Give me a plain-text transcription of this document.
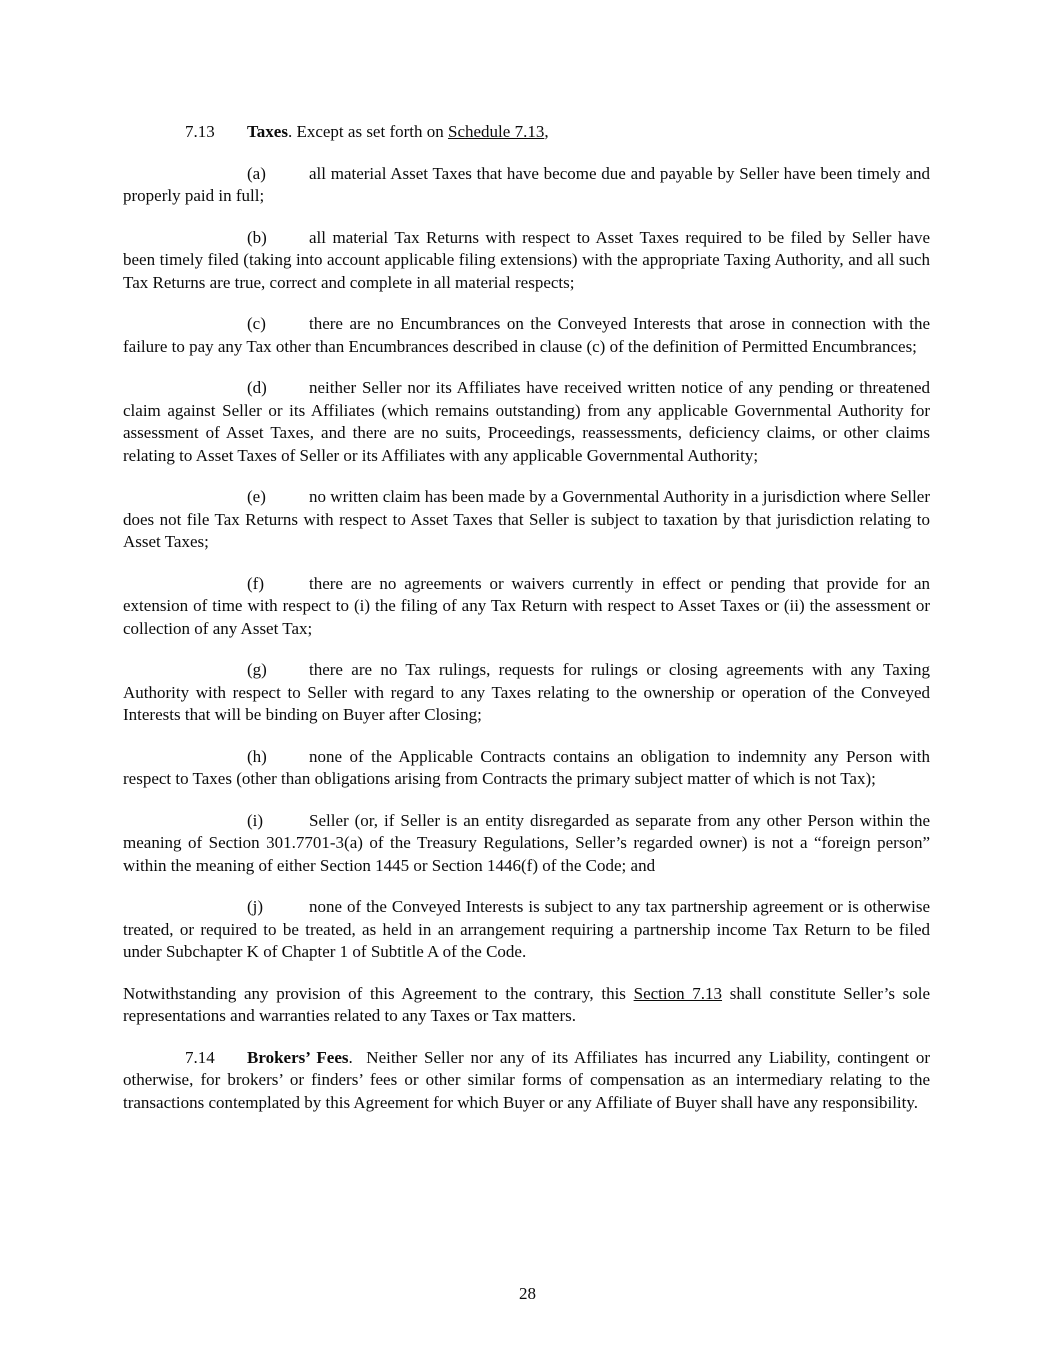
7.13 Taxes. Except as set forth on Schedule 7.13,

(a)	all material Asset Taxes that have become due and payable by Seller have been timely and properly paid in full;

(b) all material Tax Returns with respect to Asset Taxes required to be filed by Seller have been timely filed (taking into account applicable filing extensions) with the appropriate Taxing Authority, and all such Tax Returns are true, correct and complete in all material respects;

(c)	there are no Encumbrances on the Conveyed Interests that arose in connection with the failure to pay any Tax other than Encumbrances described in clause (c) of the definition of Permitted Encumbrances;

(d) neither Seller nor its Affiliates have received written notice of any pending or threatened claim against Seller or its Affiliates (which remains outstanding) from any applicable Governmental Authority for assessment of Asset Taxes, and there are no suits, Proceedings, reassessments, deficiency claims, or other claims relating to Asset Taxes of Seller or its Affiliates with any applicable Governmental Authority;

(e)	no written claim has been made by a Governmental Authority in a jurisdiction where Seller does not file Tax Returns with respect to Asset Taxes that Seller is subject to taxation by that jurisdiction relating to Asset Taxes;

(f)	there are no agreements or waivers currently in effect or pending that provide for an extension of time with respect to (i) the filing of any Tax Return with respect to Asset Taxes or (ii) the assessment or collection of any Asset Tax;

(g) there are no Tax rulings, requests for rulings or closing agreements with any Taxing Authority with respect to Seller with regard to any Taxes relating to the ownership or operation of the Conveyed Interests that will be binding on Buyer after Closing;

(h) none of the Applicable Contracts contains an obligation to indemnity any Person with respect to Taxes (other than obligations arising from Contracts the primary subject matter of which is not Tax);

(i)	Seller (or, if Seller is an entity disregarded as separate from any other Person within the meaning of Section 301.7701-3(a) of the Treasury Regulations, Seller’s regarded owner) is not a “foreign person” within the meaning of either Section 1445 or Section 1446(f) of the Code; and

(j)	none of the Conveyed Interests is subject to any tax partnership agreement or is otherwise treated, or required to be treated, as held in an arrangement requiring a partnership income Tax Return to be filed under Subchapter K of Chapter 1 of Subtitle A of the Code.

Notwithstanding any provision of this Agreement to the contrary, this Section 7.13 shall constitute Seller’s sole representations and warranties related to any Taxes or Tax matters.

7.14 Brokers’ Fees.  Neither Seller nor any of its Affiliates has incurred any Liability, contingent or otherwise, for brokers’ or finders’ fees or other similar forms of compensation as an intermediary relating to the transactions contemplated by this Agreement for which Buyer or any Affiliate of Buyer shall have any responsibility.

28
